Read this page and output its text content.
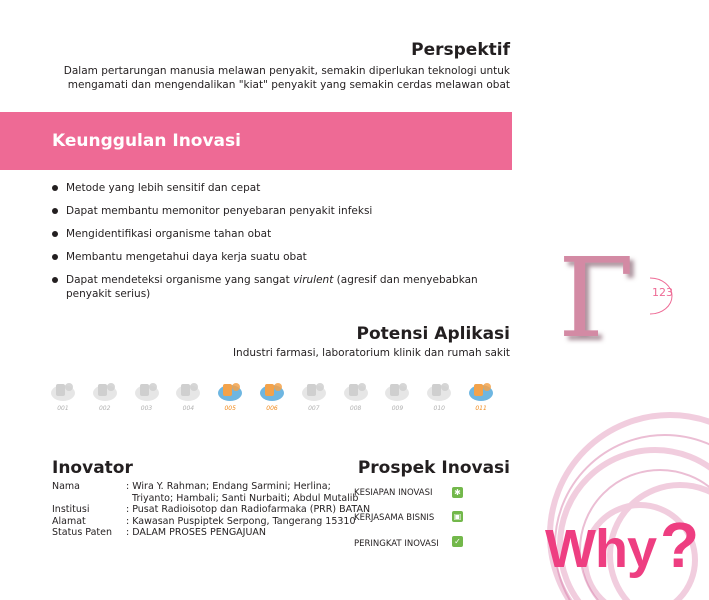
Perspektif
Dalam pertarungan manusia melawan penyakit, semakin diperlukan teknologi untuk mengamati dan mengendalikan "kiat" penyakit yang semakin cerdas melawan obat
Keunggulan Inovasi
Metode yang lebih sensitif dan cepat
Dapat membantu memonitor penyebaran penyakit infeksi
Mengidentifikasi organisme tahan obat
Membantu mengetahui daya kerja suatu obat
Dapat mendeteksi organisme yang sangat virulent (agresif dan menyebabkan penyakit serius)
Potensi Aplikasi
Industri farmasi, laboratorium klinik dan rumah sakit
001	002	003	004	005	006	007	008	009	010	011
Inovator
Nama	: Wira Y. Rahman; Endang Sarmini; Herlina;
Triyanto; Hambali; Santi Nurbaiti; Abdul Mutalib
Institusi	: Pusat Radioisotop dan Radiofarmaka (PRR) BATAN
Alamat	: Kawasan Puspiptek Serpong, Tangerang 15310
Status Paten	: DALAM PROSES PENGAJUAN
Prospek Inovasi
KESIAPAN INOVASI	✱
KERJASAMA BISNIS ▣
PERINGKAT INOVASI ✓
Γ 123
Why?
